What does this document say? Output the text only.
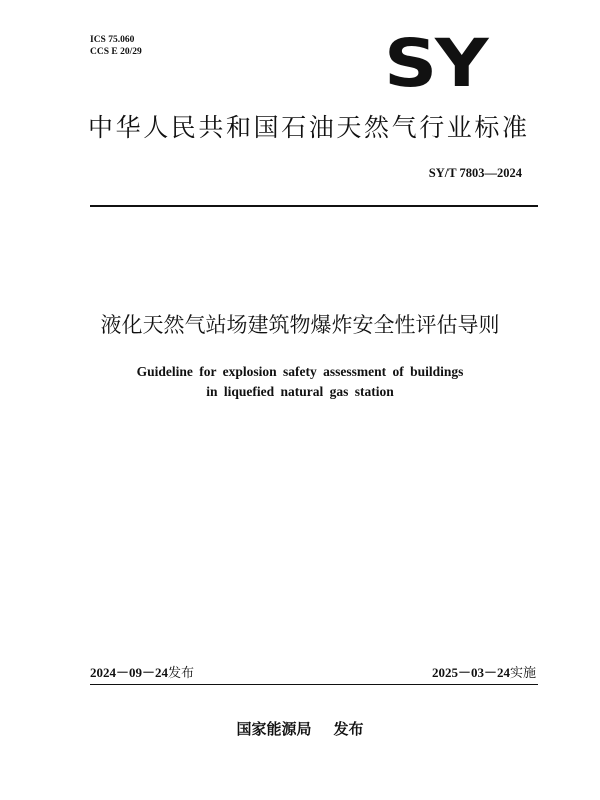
ICS 75.060
CCS E 20/29	SY
中华人民共和国石油天然气行业标准
SY/T 7803—2024
液化天然气站场建筑物爆炸安全性评估导则
Guideline for explosion safety assessment of buildings
in liquefied natural gas station
2024－09－24发布	2025－03－24实施
国家能源局 发布
